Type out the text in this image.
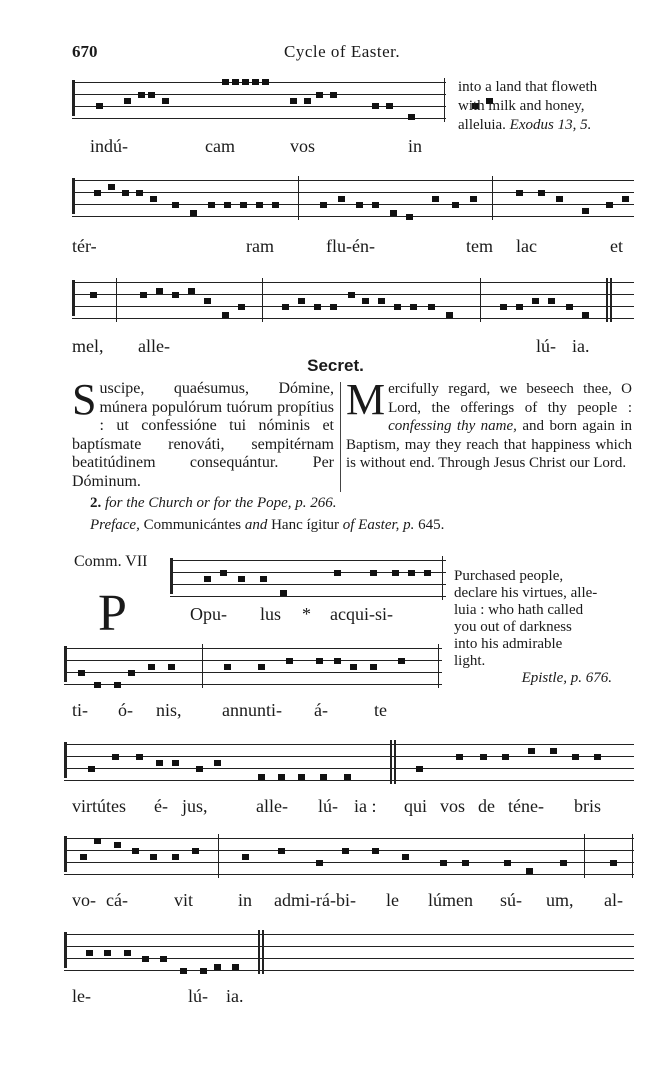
670	Cycle of Easter.
into a land that floweth
with milk and honey,
alleluia. Exodus 13, 5.
indú-	cam	vos	in
tér-	ram	flu-én-	tem lac	et
mel, alle-	lú- ia.
Secret.
Suscipe, quaésumus, Dómine, múnera populórum tuórum propítius : ut confessióne tui nóminis et baptísmate renováti, sempitérnam beatitúdinem consequántur. Per Dóminum.
Mercifully regard, we beseech thee, O Lord, the offerings of thy people : confessing thy name, and born again in Baptism, may they reach that happiness which is without end. Through Jesus Christ our Lord.
2. for the Church or for the Pope, p. 266.
Preface, Communicántes and Hanc ígitur of Easter, p. 645.
Comm. VII
P	Opu- lus * acqui-si-
Purchased people,
declare his virtues, alle-
luia : who hath called
you out of darkness
into his admirable
light.
Epistle, p. 676.
ti- ó- nis, annunti- á-	te
virtútes é- jus,	alle- lú- ia : qui vos de téne- bris
vo- cá-	vit in admi-rá-bi- le lúmen sú- um, al-
le-	lú- ia.
